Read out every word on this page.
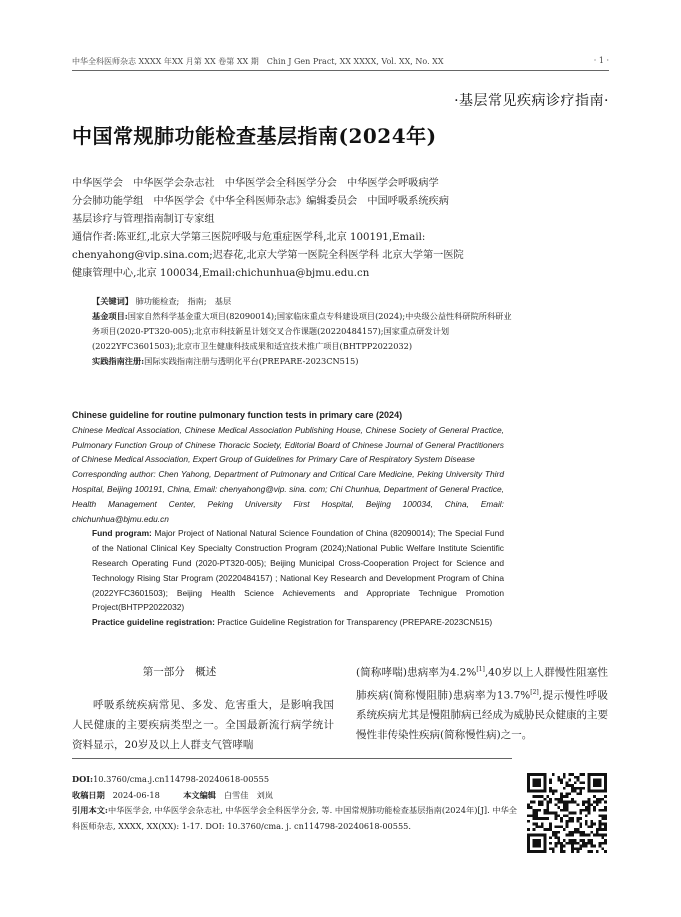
中华全科医师杂志 XXXX 年XX 月第 XX 卷第 XX 期　Chin J Gen Pract, XX XXXX, Vol. XX, No. XX	· 1 ·
·基层常见疾病诊疗指南·
中国常规肺功能检查基层指南(2024年)

中华医学会　中华医学会杂志社　中华医学会全科医学分会　中华医学会呼吸病学

分会肺功能学组　中华医学会《中华全科医师杂志》编辑委员会　中国呼吸系统疾病

基层诊疗与管理指南制订专家组

通信作者:陈亚红,北京大学第三医院呼吸与危重症医学科,北京 100191,Email:

chenyahong@vip.sina.com;迟春花,北京大学第一医院全科医学科 北京大学第一医院

健康管理中心,北京 100034,Email:chichunhua@bjmu.edu.cn

【关键词】 肺功能检查;　指南;　基层

基金项目:国家自然科学基金重大项目(82090014);国家临床重点专科建设项目(2024);中央级公益性科研院所科研业务项目(2020-PT320-005);北京市科技新星计划交叉合作课题(20220484157);国家重点研发计划(2022YFC3601503);北京市卫生健康科技成果和适宜技术推广项目(BHTPP2022032)

实践指南注册:国际实践指南注册与透明化平台(PREPARE-2023CN515)

Chinese guideline for routine pulmonary function tests in primary care (2024)

Chinese Medical Association, Chinese Medical Association Publishing House, Chinese Society of General Practice, Pulmonary Function Group of Chinese Thoracic Society, Editorial Board of Chinese Journal of General Practitioners of Chinese Medical Association, Expert Group of Guidelines for Primary Care of Respiratory System Disease

Corresponding author: Chen Yahong, Department of Pulmonary and Critical Care Medicine, Peking University Third Hospital, Beijing 100191, China, Email: chenyahong@vip. sina. com; Chi Chunhua, Department of General Practice, Health Management Center, Peking University First Hospital, Beijing 100034, China, Email: chichunhua@bjmu.edu.cn

Fund program: Major Project of National Natural Science Foundation of China (82090014); The Special Fund of the National Clinical Key Specialty Construction Program (2024);National Public Welfare Institute Scientific Research Operating Fund (2020-PT320-005); Beijing Municipal Cross-Cooperation Project for Science and Technology Rising Star Program (20220484157) ; National Key Research and Development Program of China (2022YFC3601503); Beijing Health Science Achievements and Appropriate Technigue Promotion Project(BHTPP2022032)

Practice guideline registration: Practice Guideline Registration for Transparency (PREPARE-2023CN515)

第一部分　概述

呼吸系统疾病常见、多发、危害重大，是影响我国人民健康的主要疾病类型之一。全国最新流行病学统计资料显示，20岁及以上人群支气管哮喘

(简称哮喘)患病率为4.2%[1],40岁以上人群慢性阻塞性肺疾病(简称慢阻肺)患病率为13.7%[2],提示慢性呼吸系统疾病尤其是慢阻肺病已经成为威胁民众健康的主要慢性非传染性疾病(简称慢性病)之一。

DOI:10.3760/cma.j.cn114798-20240618-00555

收稿日期 2024-06-18	本文编辑 白雪佳　刘岚

引用本文:中华医学会, 中华医学会杂志社, 中华医学会全科医学分会, 等. 中国常规肺功能检查基层指南(2024年)[J]. 中华全科医师杂志, XXXX, XX(XX): 1-17. DOI: 10.3760/cma. j. cn114798-20240618-00555.
